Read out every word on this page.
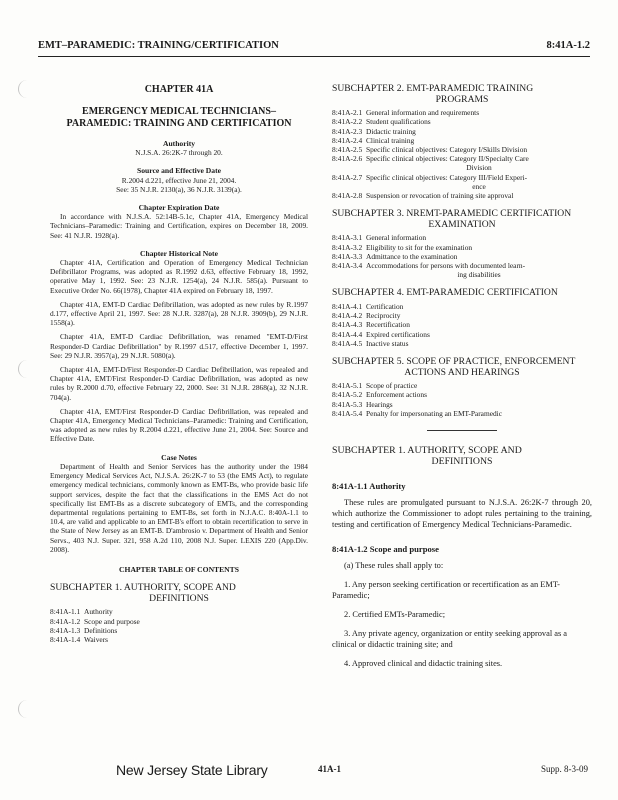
EMT–PARAMEDIC: TRAINING/CERTIFICATION	8:41A-1.2
CHAPTER 41A
EMERGENCY MEDICAL TECHNICIANS– PARAMEDIC: TRAINING AND CERTIFICATION
Authority
N.J.S.A. 26:2K-7 through 20.
Source and Effective Date
R.2004 d.221, effective June 21, 2004.
See: 35 N.J.R. 2130(a), 36 N.J.R. 3139(a).
Chapter Expiration Date

In accordance with N.J.S.A. 52:14B-5.1c, Chapter 41A, Emergency Medical Technicians–Paramedic: Training and Certification, expires on December 18, 2009. See: 41 N.J.R. 1928(a).

Chapter Historical Note

Chapter 41A, Certification and Operation of Emergency Medical Technician Defibrillator Programs, was adopted as R.1992 d.63, effective February 18, 1992, operative May 1, 1992. See: 23 N.J.R. 1254(a), 24 N.J.R. 585(a). Pursuant to Executive Order No. 66(1978), Chapter 41A expired on February 18, 1997.

Chapter 41A, EMT-D Cardiac Defibrillation, was adopted as new rules by R.1997 d.177, effective April 21, 1997. See: 28 N.J.R. 3287(a), 28 N.J.R. 3909(b), 29 N.J.R. 1558(a).

Chapter 41A, EMT-D Cardiac Defibrillation, was renamed "EMT-D/First Responder-D Cardiac Defibrillation" by R.1997 d.517, effective December 1, 1997. See: 29 N.J.R. 3957(a), 29 N.J.R. 5080(a).

Chapter 41A, EMT-D/First Responder-D Cardiac Defibrillation, was repealed and Chapter 41A, EMT/First Responder-D Cardiac Defibrillation, was adopted as new rules by R.2000 d.70, effective February 22, 2000. See: 31 N.J.R. 2868(a), 32 N.J.R. 704(a).

Chapter 41A, EMT/First Responder-D Cardiac Defibrillation, was repealed and Chapter 41A, Emergency Medical Technicians–Paramedic: Training and Certification, was adopted as new rules by R.2004 d.221, effective June 21, 2004. See: Source and Effective Date.

Case Notes

Department of Health and Senior Services has the authority under the 1984 Emergency Medical Services Act, N.J.S.A. 26:2K-7 to 53 (the EMS Act), to regulate emergency medical technicians, commonly known as EMT-Bs, who provide basic life support services, despite the fact that the classifications in the EMS Act do not specifically list EMT-Bs as a discrete subcategory of EMTs, and the corresponding departmental regulations pertaining to EMT-Bs, set forth in N.J.A.C. 8:40A-1.1 to 10.4, are valid and applicable to an EMT-B's effort to obtain recertification to serve in the State of New Jersey as an EMT-B. D'ambrosio v. Department of Health and Senior Servs., 403 N.J. Super. 321, 958 A.2d 110, 2008 N.J. Super. LEXIS 220 (App.Div. 2008).

CHAPTER TABLE OF CONTENTS
SUBCHAPTER 1. AUTHORITY, SCOPE AND
DEFINITIONS
8:41A-1.1 Authority
8:41A-1.2 Scope and purpose
8:41A-1.3 Definitions
8:41A-1.4 Waivers
SUBCHAPTER 2. EMT-PARAMEDIC TRAINING
PROGRAMS
8:41A-2.1 General information and requirements
8:41A-2.2 Student qualifications
8:41A-2.3 Didactic training
8:41A-2.4 Clinical training
8:41A-2.5 Specific clinical objectives: Category I/Skills Division
8:41A-2.6 Specific clinical objectives: Category II/Specialty Care
Division
8:41A-2.7 Specific clinical objectives: Category III/Field Experi-
ence
8:41A-2.8 Suspension or revocation of training site approval
SUBCHAPTER 3. NREMT-PARAMEDIC CERTIFICATION
EXAMINATION
8:41A-3.1 General information
8:41A-3.2 Eligibility to sit for the examination
8:41A-3.3 Admittance to the examination
8:41A-3.4 Accommodations for persons with documented learn-
ing disabilities
SUBCHAPTER 4. EMT-PARAMEDIC CERTIFICATION
8:41A-4.1 Certification
8:41A-4.2 Reciprocity
8:41A-4.3 Recertification
8:41A-4.4 Expired certifications
8:41A-4.5 Inactive status
SUBCHAPTER 5. SCOPE OF PRACTICE, ENFORCEMENT
ACTIONS AND HEARINGS
8:41A-5.1 Scope of practice
8:41A-5.2 Enforcement actions
8:41A-5.3 Hearings
8:41A-5.4 Penalty for impersonating an EMT-Paramedic
SUBCHAPTER 1. AUTHORITY, SCOPE AND
DEFINITIONS
8:41A-1.1 Authority

These rules are promulgated pursuant to N.J.S.A. 26:2K-7 through 20, which authorize the Commissioner to adopt rules pertaining to the training, testing and certification of Emergency Medical Technicians-Paramedic.

8:41A-1.2 Scope and purpose

(a) These rules shall apply to:

1. Any person seeking certification or recertification as an EMT-Paramedic;

2. Certified EMTs-Paramedic;

3. Any private agency, organization or entity seeking approval as a clinical or didactic training site; and

4. Approved clinical and didactic training sites.

New Jersey State Library	41A-1	Supp. 8-3-09
